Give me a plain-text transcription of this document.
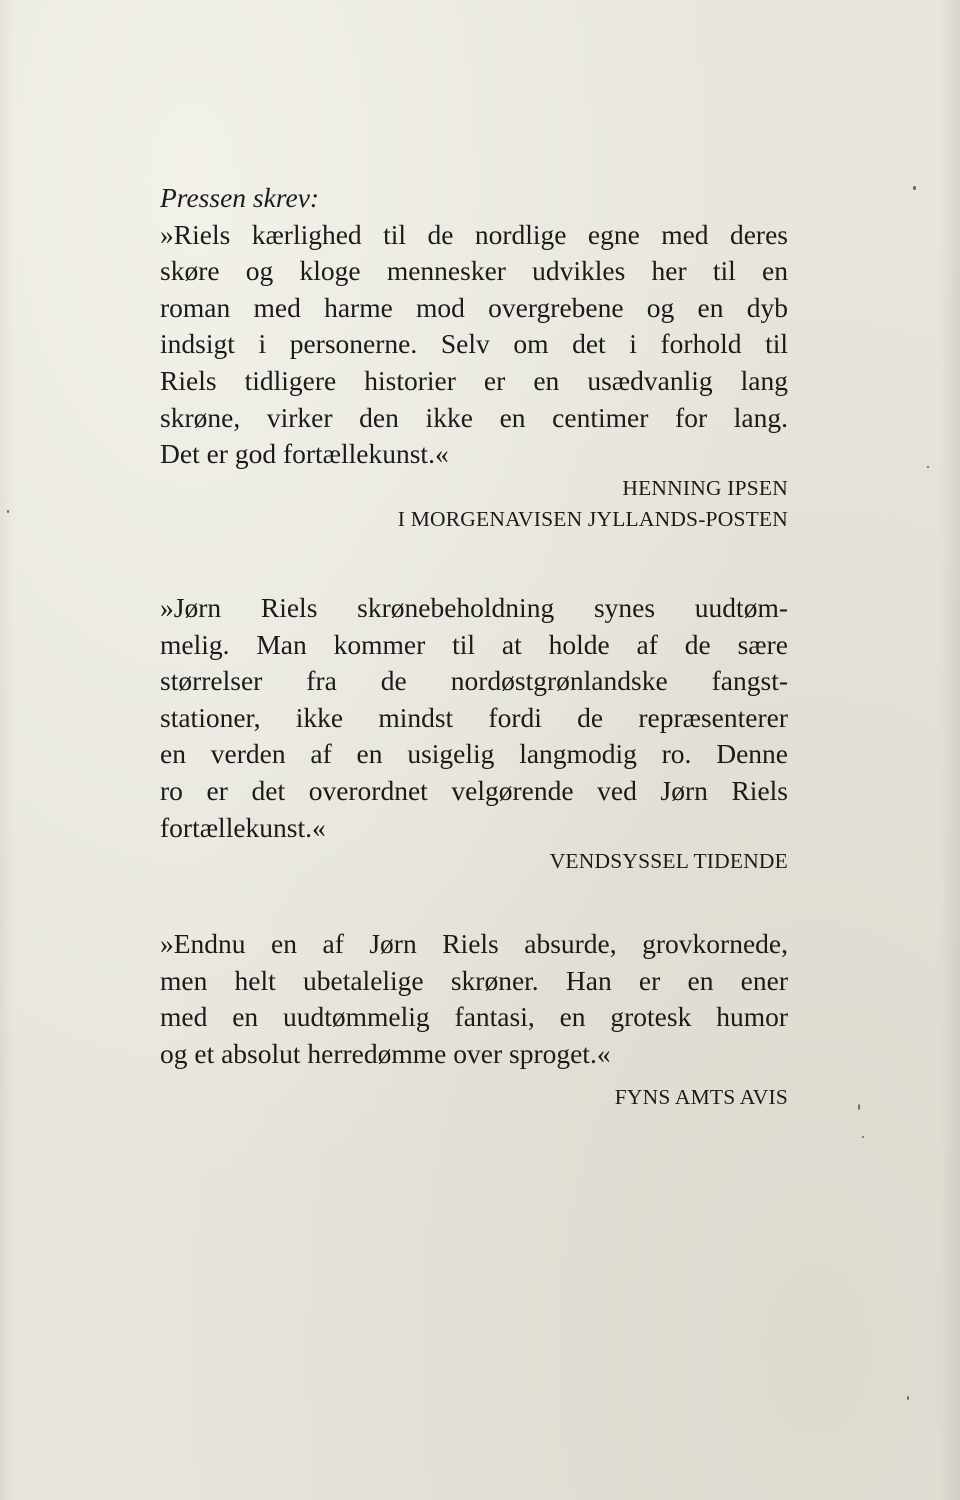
Pressen skrev:
»Riels kærlighed til de nordlige egne med deres
skøre og kloge mennesker udvikles her til en
roman med harme mod overgrebene og en dyb
indsigt i personerne. Selv om det i forhold til
Riels tidligere historier er en usædvanlig lang
skrøne, virker den ikke en centimer for lang.
Det er god fortællekunst.«
HENNING IPSEN
I MORGENAVISEN JYLLANDS-POSTEN
»Jørn Riels skrønebeholdning synes uudtøm-
melig. Man kommer til at holde af de sære
størrelser fra de nordøstgrønlandske fangst-
stationer, ikke mindst fordi de repræsenterer
en verden af en usigelig langmodig ro. Denne
ro er det overordnet velgørende ved Jørn Riels
fortællekunst.«
VENDSYSSEL TIDENDE
»Endnu en af Jørn Riels absurde, grovkornede,
men helt ubetalelige skrøner. Han er en ener
med en uudtømmelig fantasi, en grotesk humor
og et absolut herredømme over sproget.«
FYNS AMTS AVIS
